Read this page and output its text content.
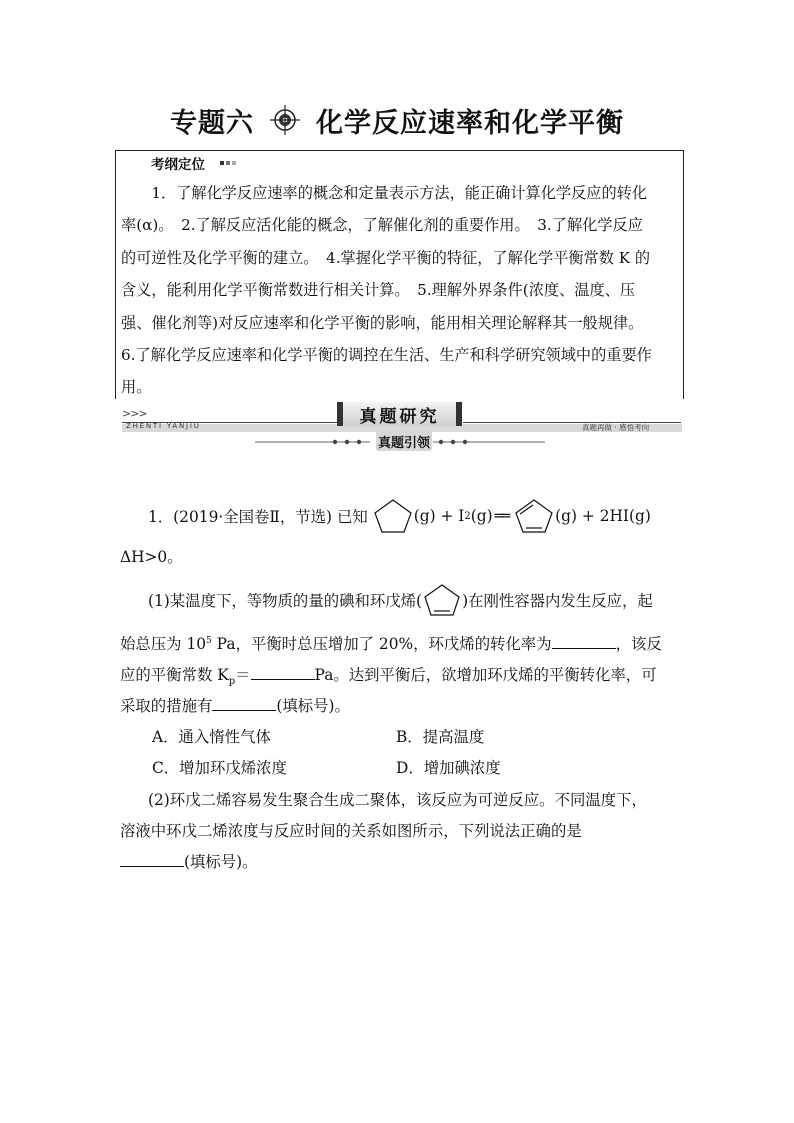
专题六 化学反应速率和化学平衡
考纲定位

　　1．了解化学反应速率的概念和定量表示方法，能正确计算化学反应的转化

率(α)。　2.了解反应活化能的概念，了解催化剂的重要作用。　3.了解化学反应

的可逆性及化学平衡的建立。　4.掌握化学平衡的特征，了解化学平衡常数 K 的

含义，能利用化学平衡常数进行相关计算。　5.理解外界条件(浓度、温度、压

强、催化剂等)对反应速率和化学平衡的影响，能用相关理论解释其一般规律。

6.了解化学反应速率和化学平衡的调控在生活、生产和科学研究领域中的重要作

用。

>>>	真题研究
ZHENTI YANJIU	真题再做 · 感悟考向
真题引领
1．(2019·全国卷Ⅱ，节选) 已知	(g) + I 2 (g) ══	(g) + 2HI(g)
ΔH>0。
(1)某温度下，等物质的量的碘和环戊烯(	)在刚性容器内发生反应，起
始总压为 $10^5$ Pa，平衡时总压增加了 20%，环戊烯的转化率为	，该反
应的平衡常数 $K_p=$	Pa。达到平衡后，欲增加环戊烯的平衡转化率，可
采取的措施有	(填标号)。
A．通入惰性气体	B．提高温度
C．增加环戊烯浓度	D．增加碘浓度
(2)环戊二烯容易发生聚合生成二聚体，该反应为可逆反应。不同温度下，
溶液中环戊二烯浓度与反应时间的关系如图所示，下列说法正确的是
(填标号)。
